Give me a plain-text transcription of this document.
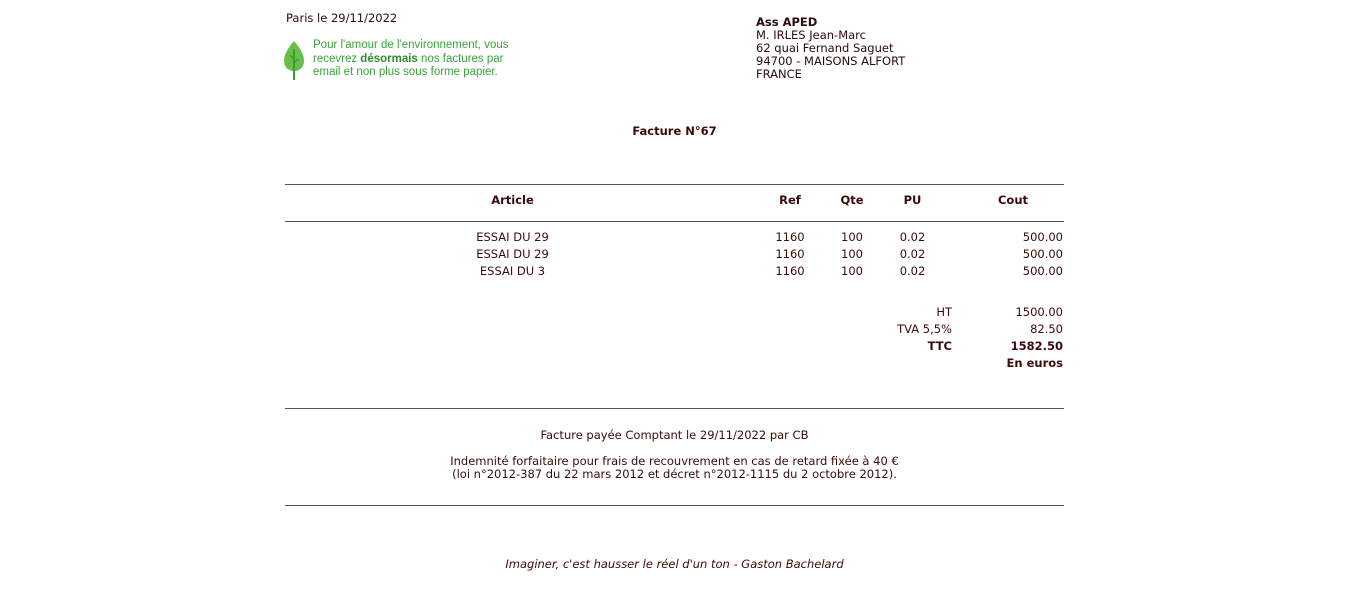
Paris le 29/11/2022
Pour l'amour de l'environnement, vous
recevrez désormais nos factures par
email et non plus sous forme papier.
Ass APED
M. IRLES Jean-Marc
62 quai Fernand Saguet
94700 - MAISONS ALFORT
FRANCE
Facture N°67
Article	Ref	Qte	PU	Cout
ESSAI DU 29	1160	100	0.02	500.00
ESSAI DU 29	1160	100	0.02	500.00
ESSAI DU 3	1160	100	0.02	500.00
HT	1500.00
TVA 5,5%	82.50
TTC	1582.50
En euros
Facture payée Comptant le 29/11/2022 par CB
Indemnité forfaitaire pour frais de recouvrement en cas de retard fixée à 40 €
(loi n°2012-387 du 22 mars 2012 et décret n°2012-1115 du 2 octobre 2012).
Imaginer, c'est hausser le réel d'un ton - Gaston Bachelard
